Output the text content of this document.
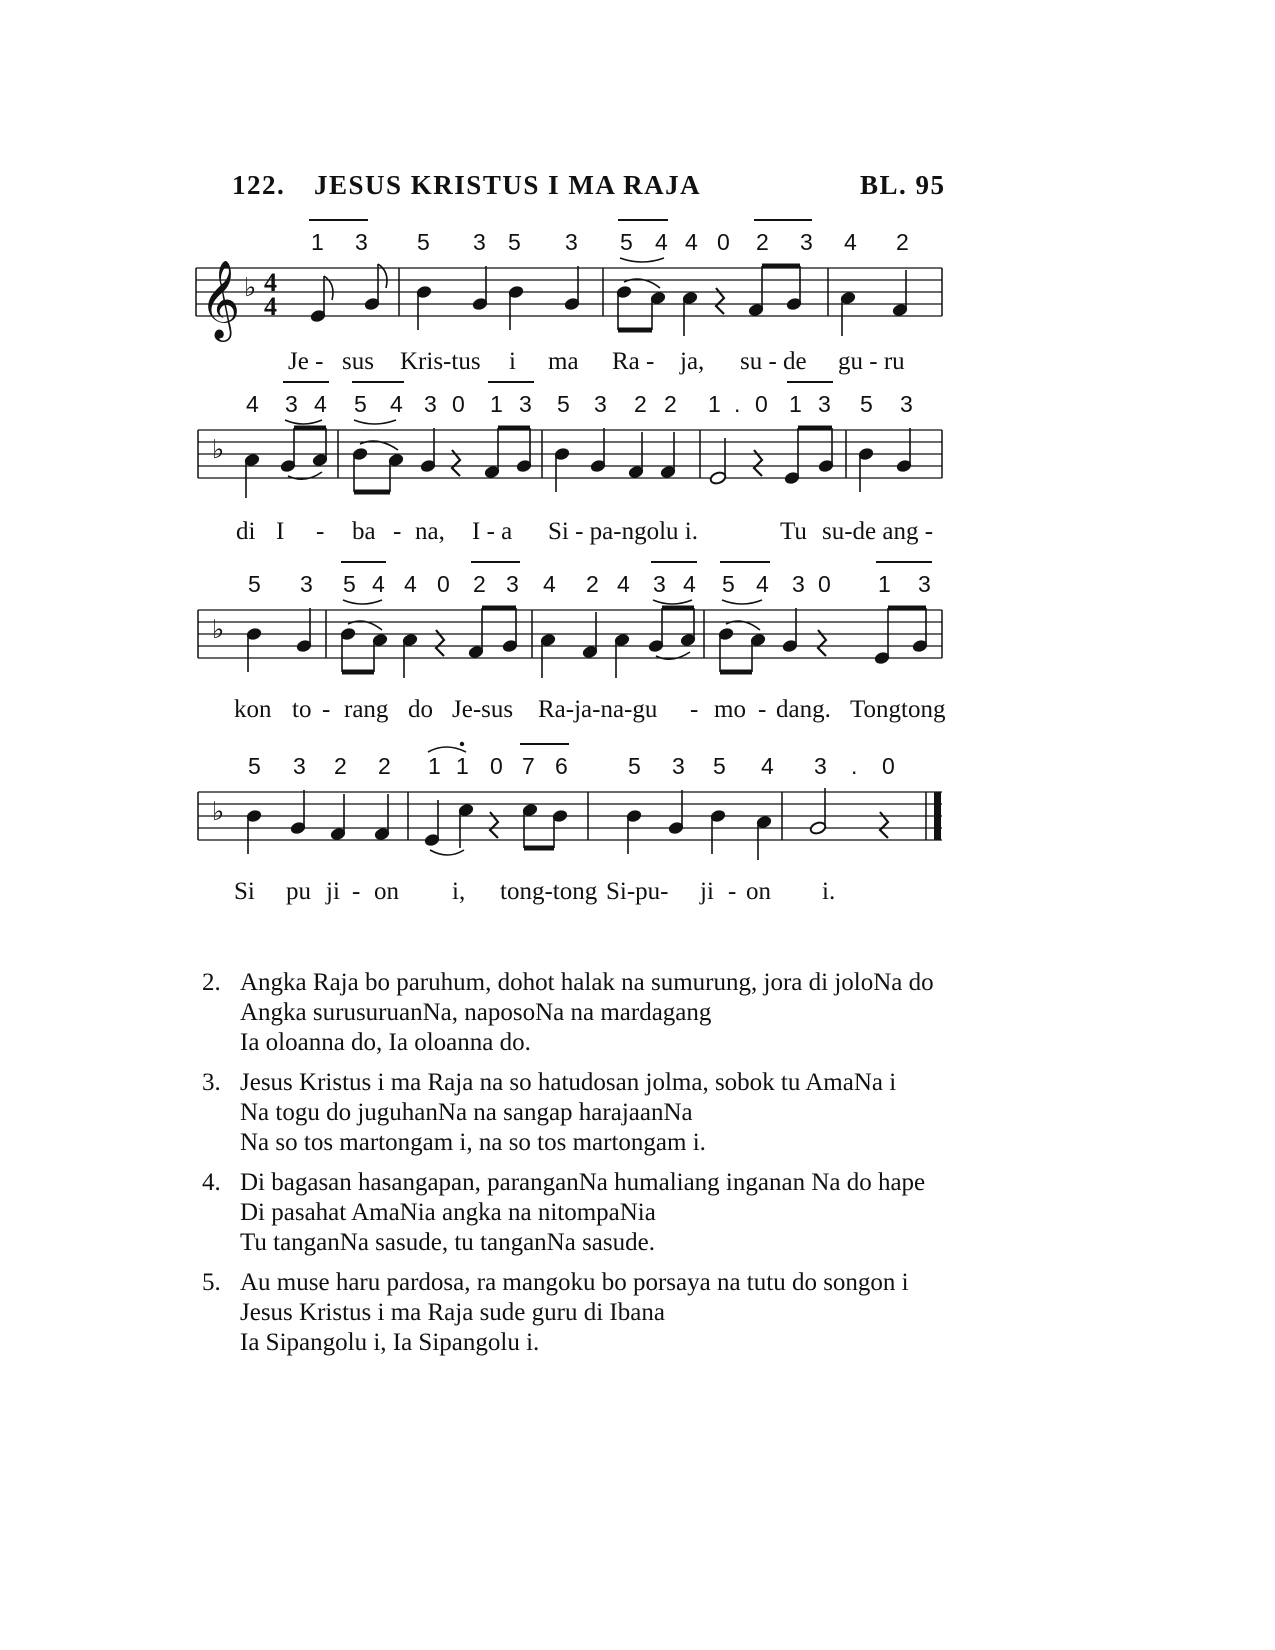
122. JESUS KRISTUS I MA RAJA	BL. 95
1 3 5 3 5 3 5 4 4 0 2 3 4 2
𝄞 ♭ 4
4
Je - sus Kris-tus i ma Ra - ja, su - de gu - ru
4 3 4 5 4 3 0 1 3 5 3 2 2 1 . 0 1 3 5 3
♭
di I - ba - na, I - a Si - pa-ngolu i.	Tu su-de ang -
5 3 5 4 4 0 2 3 4 2 4 3 4 5 4 3 0 1 3
♭
kon to - rang do Je-sus Ra-ja-na-gu - mo - dang. Tongtong
5 3 2 2 1 1 0 7 6	5 3 5 4 3 . 0
♭
Si pu ji - on i, tong-tong Si-pu- ji - on i.
2. Angka Raja bo paruhum, dohot halak na sumurung, jora di joloNa do
Angka surusuruanNa, naposoNa na mardagang
Ia oloanna do, Ia oloanna do.
3. Jesus Kristus i ma Raja na so hatudosan jolma, sobok tu AmaNa i
Na togu do juguhanNa na sangap harajaanNa
Na so tos martongam i, na so tos martongam i.
4. Di bagasan hasangapan, paranganNa humaliang inganan Na do hape
Di pasahat AmaNia angka na nitompaNia
Tu tanganNa sasude, tu tanganNa sasude.
5. Au muse haru pardosa, ra mangoku bo porsaya na tutu do songon i
Jesus Kristus i ma Raja sude guru di Ibana
Ia Sipangolu i, Ia Sipangolu i.
